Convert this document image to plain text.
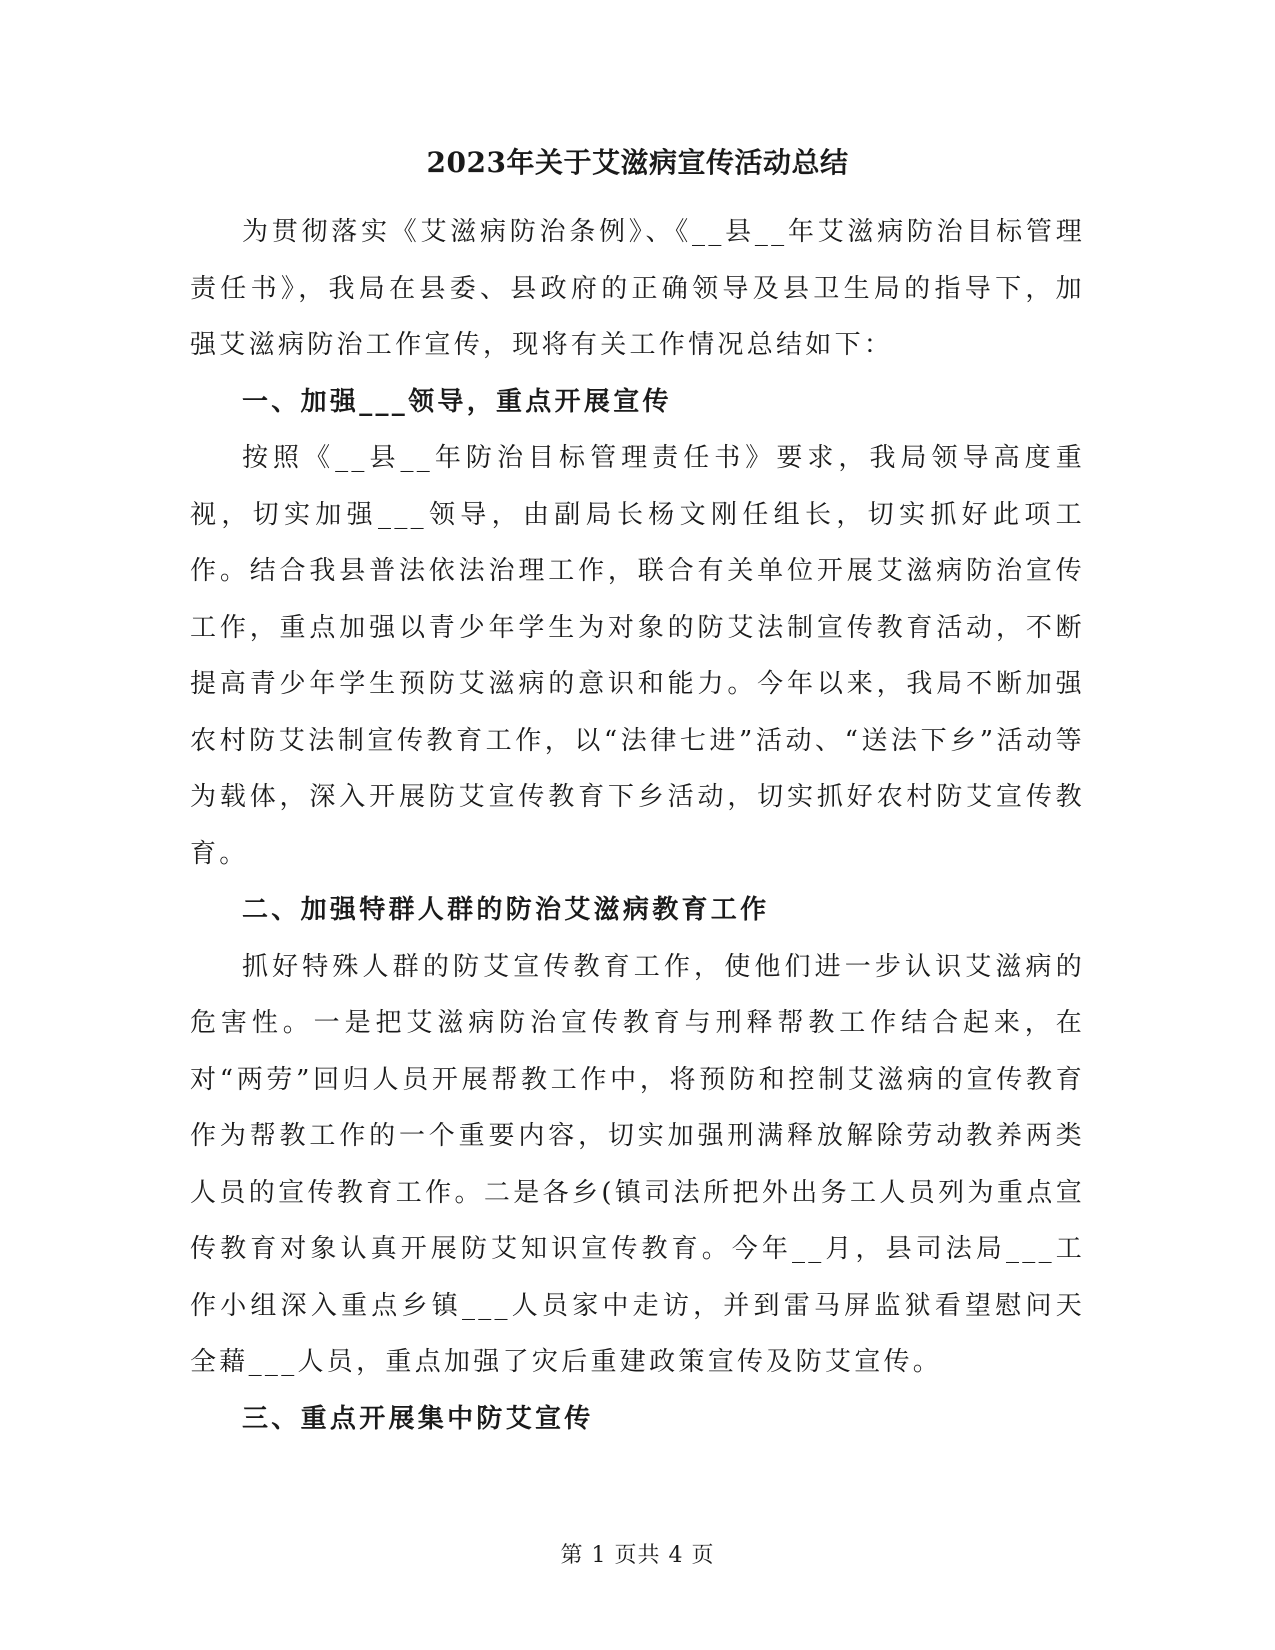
2023年关于艾滋病宣传活动总结

为贯彻落实《艾滋病防治条例》、《__县__年艾滋病防治目标管理责任书》，我局在县委、县政府的正确领导及县卫生局的指导下，加强艾滋病防治工作宣传，现将有关工作情况总结如下：

一、加强___领导，重点开展宣传

按照《__县__年防治目标管理责任书》要求，我局领导高度重视，切实加强___领导，由副局长杨文刚任组长，切实抓好此项工作。结合我县普法依法治理工作，联合有关单位开展艾滋病防治宣传工作，重点加强以青少年学生为对象的防艾法制宣传教育活动，不断提高青少年学生预防艾滋病的意识和能力。今年以来，我局不断加强农村防艾法制宣传教育工作，以“法律七进”活动、“送法下乡”活动等为载体，深入开展防艾宣传教育下乡活动，切实抓好农村防艾宣传教育。

二、加强特群人群的防治艾滋病教育工作

抓好特殊人群的防艾宣传教育工作，使他们进一步认识艾滋病的危害性。一是把艾滋病防治宣传教育与刑释帮教工作结合起来，在对“两劳”回归人员开展帮教工作中，将预防和控制艾滋病的宣传教育作为帮教工作的一个重要内容，切实加强刑满释放解除劳动教养两类人员的宣传教育工作。二是各乡(镇司法所把外出务工人员列为重点宣传教育对象认真开展防艾知识宣传教育。今年__月，县司法局___工作小组深入重点乡镇___人员家中走访，并到雷马屏监狱看望慰问天全藉___人员，重点加强了灾后重建政策宣传及防艾宣传。

三、重点开展集中防艾宣传

第 1 页共 4 页
